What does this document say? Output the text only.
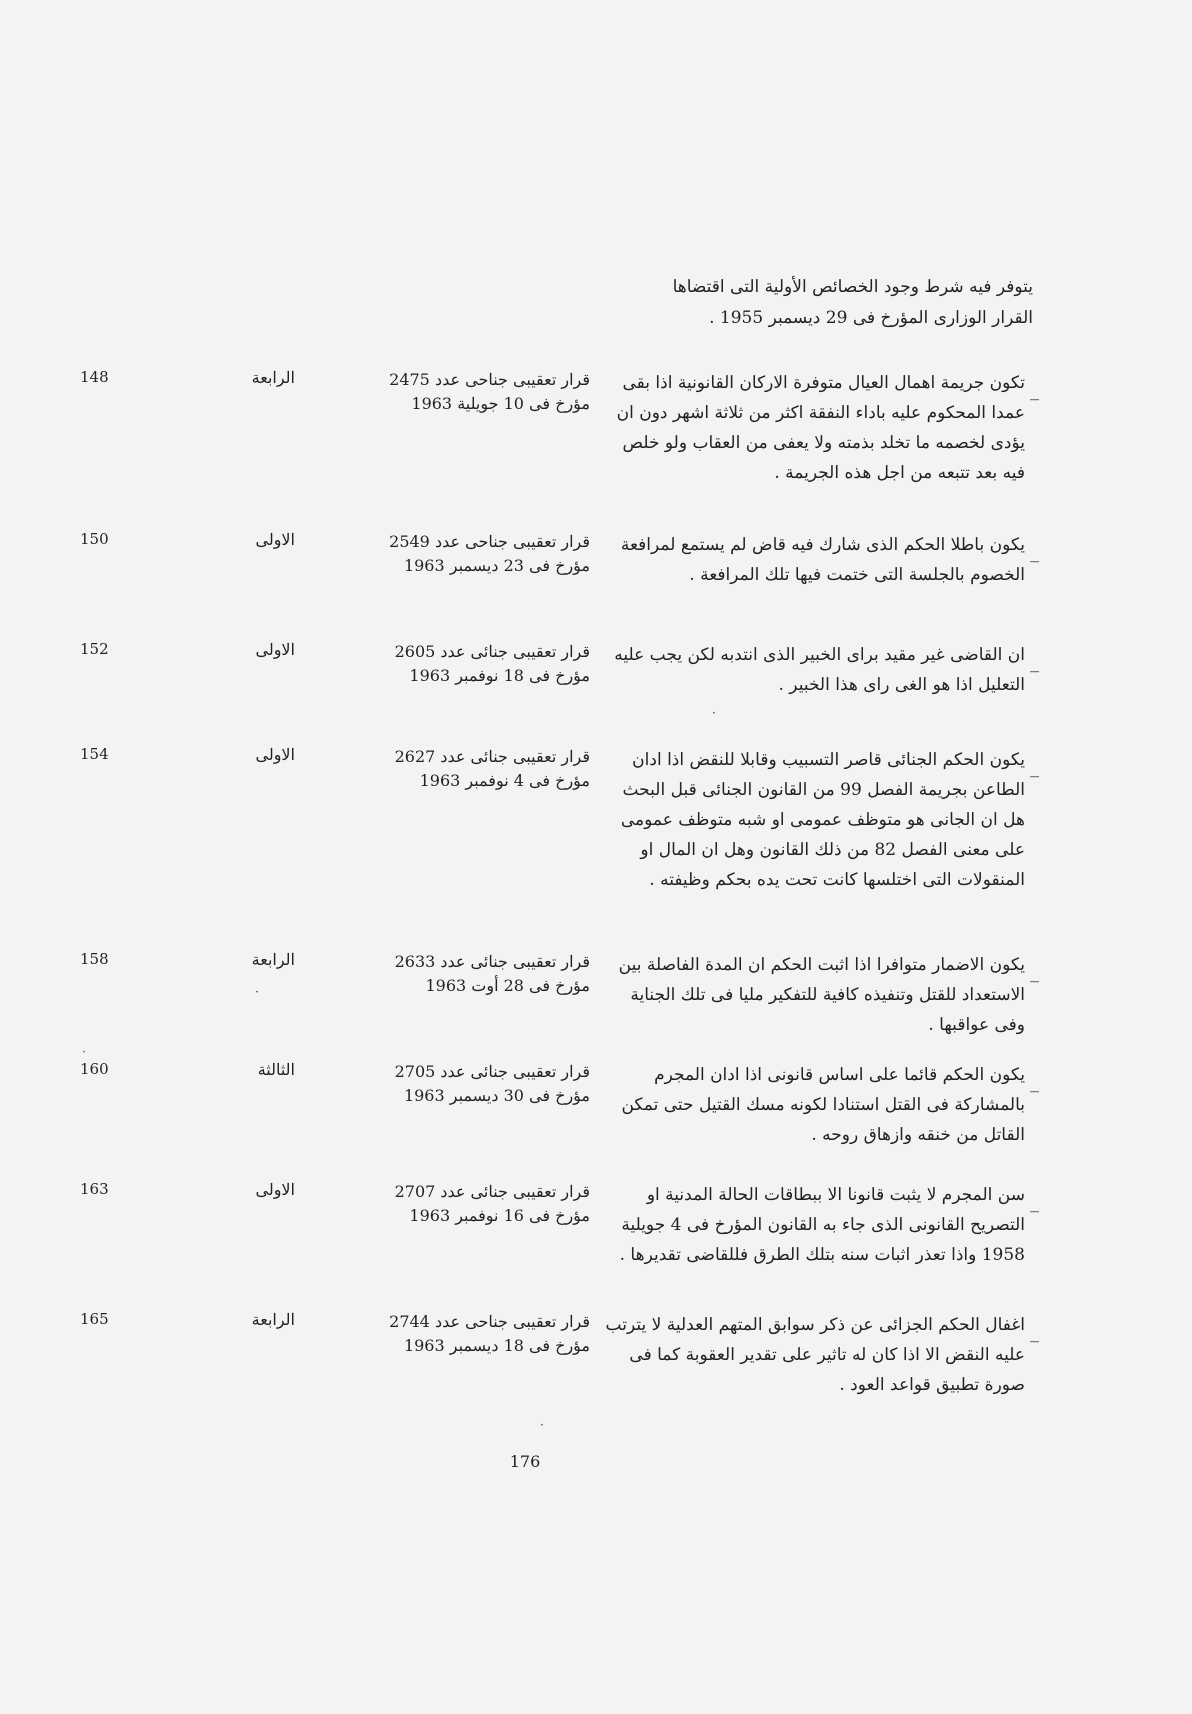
يتوفر فيه شرط وجود الخصائص الأولية التى اقتضاها القرار الوزارى المؤرخ فى 29 ديسمبر 1955 .
تكون جريمة اهمال العيال متوفرة الاركان القانونية اذا بقى عمدا المحكوم عليه باداء النفقة اكثر من ثلاثة اشهر دون ان يؤدى لخصمه ما تخلد بذمته ولا يعفى من العقاب ولو خلص فيه بعد تتبعه من اجل هذه الجريمة .
_
قرار تعقيبى جناحى عدد 2475
مؤرخ فى 10 جويلية 1963
الرابعة
148
يكون باطلا الحكم الذى شارك فيه قاض لم يستمع لمرافعة الخصوم بالجلسة التى ختمت فيها تلك المرافعة .
_
قرار تعقيبى جناحى عدد 2549
مؤرخ فى 23 ديسمبر 1963
الاولى
150
ان القاضى غير مقيد براى الخبير الذى انتدبه لكن يجب عليه التعليل اذا هو الغى راى هذا الخبير .
_
قرار تعقيبى جنائى عدد 2605
مؤرخ فى 18 نوفمبر 1963
الاولى
152
يكون الحكم الجنائى قاصر التسبيب وقابلا للنقض اذا ادان الطاعن بجريمة الفصل 99 من القانون الجنائى قبل البحث هل ان الجانى هو متوظف عمومى او شبه متوظف عمومى على معنى الفصل 82 من ذلك القانون وهل ان المال او المنقولات التى اختلسها كانت تحت يده بحكم وظيفته .
_
قرار تعقيبى جنائى عدد 2627
مؤرخ فى 4 نوفمبر 1963
الاولى
154
يكون الاضمار متوافرا اذا اثبت الحكم ان المدة الفاصلة بين الاستعداد للقتل وتنفيذه كافية للتفكير مليا فى تلك الجناية وفى عواقبها .
_
قرار تعقيبى جنائى عدد 2633
مؤرخ فى 28 أوت 1963
الرابعة
158
يكون الحكم قائما على اساس قانونى اذا ادان المجرم بالمشاركة فى القتل استنادا لكونه مسك القتيل حتى تمكن القاتل من خنقه وازهاق روحه .
_
قرار تعقيبى جنائى عدد 2705
مؤرخ فى 30 ديسمبر 1963
الثالثة
160
سن المجرم لا يثبت قانونا الا ببطاقات الحالة المدنية او التصريح القانونى الذى جاء به القانون المؤرخ فى 4 جويلية 1958 واذا تعذر اثبات سنه بتلك الطرق فللقاضى تقديرها .
_
قرار تعقيبى جنائى عدد 2707
مؤرخ فى 16 نوفمبر 1963
الاولى
163
اغفال الحكم الجزائى عن ذكر سوابق المتهم العدلية لا يترتب عليه النقض الا اذا كان له تاثير على تقدير العقوبة كما فى صورة تطبيق قواعد العود .
_
قرار تعقيبى جناحى عدد 2744
مؤرخ فى 18 ديسمبر 1963
الرابعة
165
176
·
·
·
·
